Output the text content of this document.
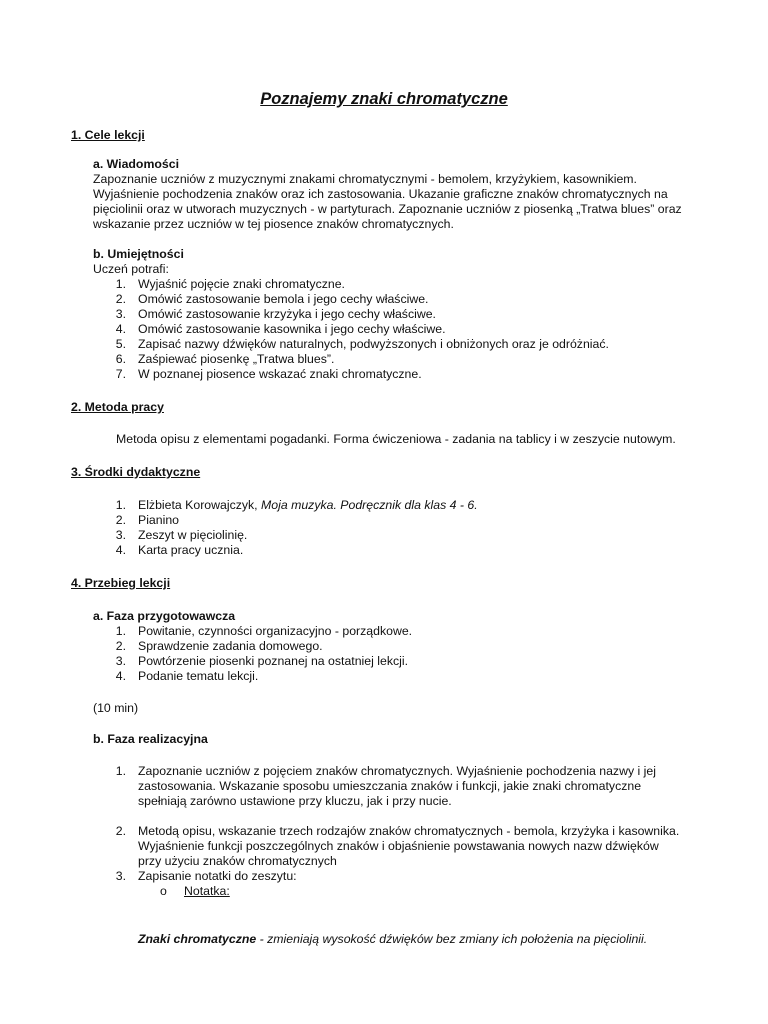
Poznajemy znaki chromatyczne
1. Cele lekcji
a. Wiadomości
Zapoznanie uczniów z muzycznymi znakami chromatycznymi - bemolem, krzyżykiem, kasownikiem.
Wyjaśnienie pochodzenia znaków oraz ich zastosowania. Ukazanie graficzne znaków chromatycznych na
pięciolinii oraz w utworach muzycznych - w partyturach. Zapoznanie uczniów z piosenką „Tratwa blues” oraz
wskazanie przez uczniów w tej piosence znaków chromatycznych.
b. Umiejętności
Uczeń potrafi:
1. Wyjaśnić pojęcie znaki chromatyczne.
2. Omówić zastosowanie bemola i jego cechy właściwe.
3. Omówić zastosowanie krzyżyka i jego cechy właściwe.
4. Omówić zastosowanie kasownika i jego cechy właściwe.
5. Zapisać nazwy dźwięków naturalnych, podwyższonych i obniżonych oraz je odróżniać.
6. Zaśpiewać piosenkę „Tratwa blues”.
7. W poznanej piosence wskazać znaki chromatyczne.
2. Metoda pracy
Metoda opisu z elementami pogadanki. Forma ćwiczeniowa - zadania na tablicy i w zeszycie nutowym.
3. Środki dydaktyczne
1. Elżbieta Korowajczyk, Moja muzyka. Podręcznik dla klas 4 - 6.
2. Pianino
3. Zeszyt w pięciolinię.
4. Karta pracy ucznia.
4. Przebieg lekcji
a. Faza przygotowawcza
1. Powitanie, czynności organizacyjno - porządkowe.
2. Sprawdzenie zadania domowego.
3. Powtórzenie piosenki poznanej na ostatniej lekcji.
4. Podanie tematu lekcji.
(10 min)
b. Faza realizacyjna
1. Zapoznanie uczniów z pojęciem znaków chromatycznych. Wyjaśnienie pochodzenia nazwy i jej
zastosowania. Wskazanie sposobu umieszczania znaków i funkcji, jakie znaki chromatyczne
spełniają zarówno ustawione przy kluczu, jak i przy nucie.
2. Metodą opisu, wskazanie trzech rodzajów znaków chromatycznych - bemola, krzyżyka i kasownika.
Wyjaśnienie funkcji poszczególnych znaków i objaśnienie powstawania nowych nazw dźwięków
przy użyciu znaków chromatycznych
3. Zapisanie notatki do zeszytu:
o Notatka:
Znaki chromatyczne - zmieniają wysokość dźwięków bez zmiany ich położenia na pięciolinii.
